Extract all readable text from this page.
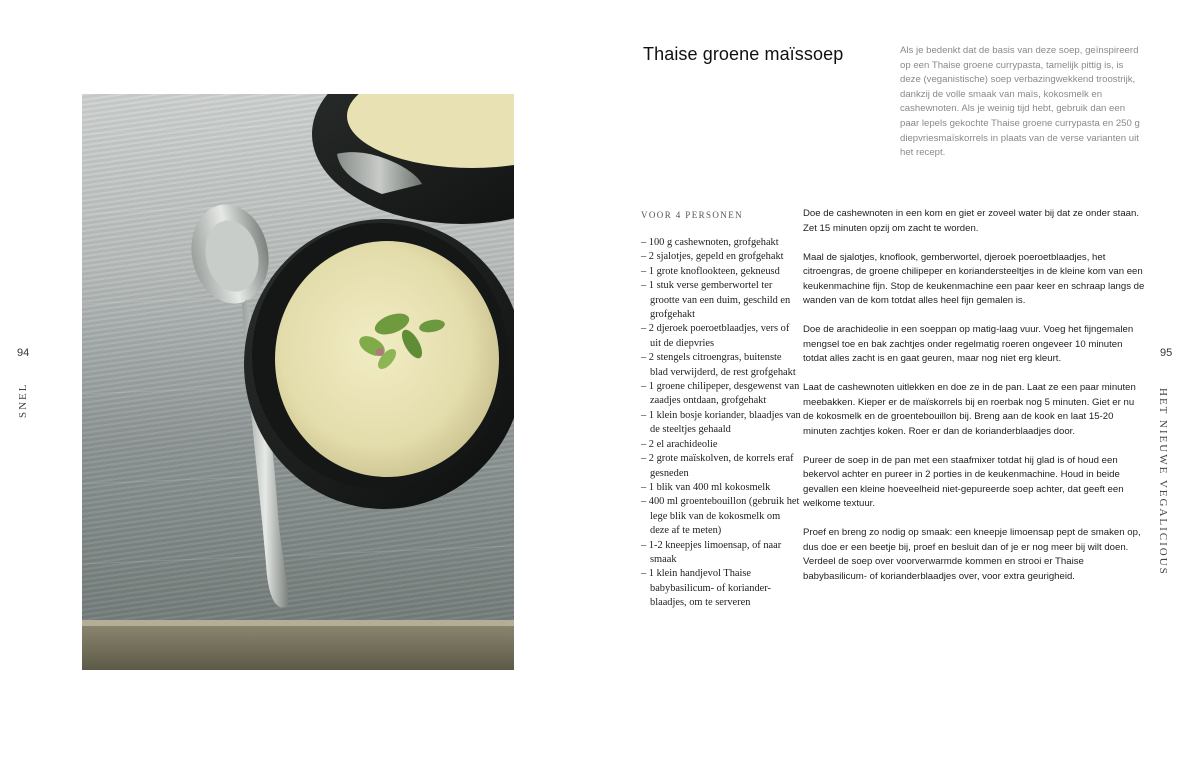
94
SNEL
Thaise groene maïssoep	Als je bedenkt dat de basis van deze soep, geïnspireerd op een Thaise groene currypasta, tamelijk pittig is, is deze (veganistische) soep verbazingwekkend troostrijk, dankzij de volle smaak van maïs, kokosmelk en cashewnoten. Als je weinig tijd hebt, gebruik dan een paar lepels gekochte Thaise groene currypasta en 250 g diepvriesmaïskorrels in plaats van de verse varianten uit het recept.
VOOR 4 PERSONEN
– 100 g cashewnoten, grofgehakt
– 2 sjalotjes, gepeld en grofgehakt
– 1 grote knoflookteen, gekneusd
– 1 stuk verse gemberwortel ter grootte van een duim, geschild en grofgehakt
– 2 djeroek poeroetblaadjes, vers of uit de diepvries
– 2 stengels citroengras, buitenste blad verwijderd, de rest grofgehakt
– 1 groene chilipeper, desgewenst van zaadjes ontdaan, grofgehakt
– 1 klein bosje koriander, blaadjes van de steeltjes gehaald
– 2 el arachideolie
– 2 grote maïskolven, de korrels eraf gesneden
– 1 blik van 400 ml kokosmelk
– 400 ml groentebouillon (gebruik het lege blik van de kokosmelk om deze af te meten)
– 1-2 kneepjes limoensap, of naar smaak
– 1 klein handjevol Thaise babybasilicum- of koriander-blaadjes, om te serveren

Doe de cashewnoten in een kom en giet er zoveel water bij dat ze onder staan. Zet 15 minuten opzij om zacht te worden.

Maal de sjalotjes, knoflook, gemberwortel, djeroek poeroetblaadjes, het citroengras, de groene chilipeper en koriandersteeltjes in de kleine kom van een keukenmachine fijn. Stop de keukenmachine een paar keer en schraap langs de wanden van de kom totdat alles heel fijn gemalen is.

Doe de arachideolie in een soeppan op matig-laag vuur. Voeg het fijngemalen mengsel toe en bak zachtjes onder regelmatig roeren ongeveer 10 minuten totdat alles zacht is en gaat geuren, maar nog niet erg kleurt.

Laat de cashewnoten uitlekken en doe ze in de pan. Laat ze een paar minuten meebakken. Kieper er de maïskorrels bij en roerbak nog 5 minuten. Giet er nu de kokosmelk en de groentebouillon bij. Breng aan de kook en laat 15-20 minuten zachtjes koken. Roer er dan de korianderblaadjes door.

Pureer de soep in de pan met een staafmixer totdat hij glad is of houd een bekervol achter en pureer in 2 porties in de keukenmachine. Houd in beide gevallen een kleine hoeveelheid niet-gepureerde soep achter, dat geeft een welkome textuur.

Proef en breng zo nodig op smaak: een kneepje limoensap pept de smaken op, dus doe er een beetje bij, proef en besluit dan of je er nog meer bij wilt doen. Verdeel de soep over voorverwarmde kommen en strooi er Thaise babybasilicum- of korianderblaadjes over, voor extra geurigheid.

95
HET NIEUWE VEGALICIOUS
